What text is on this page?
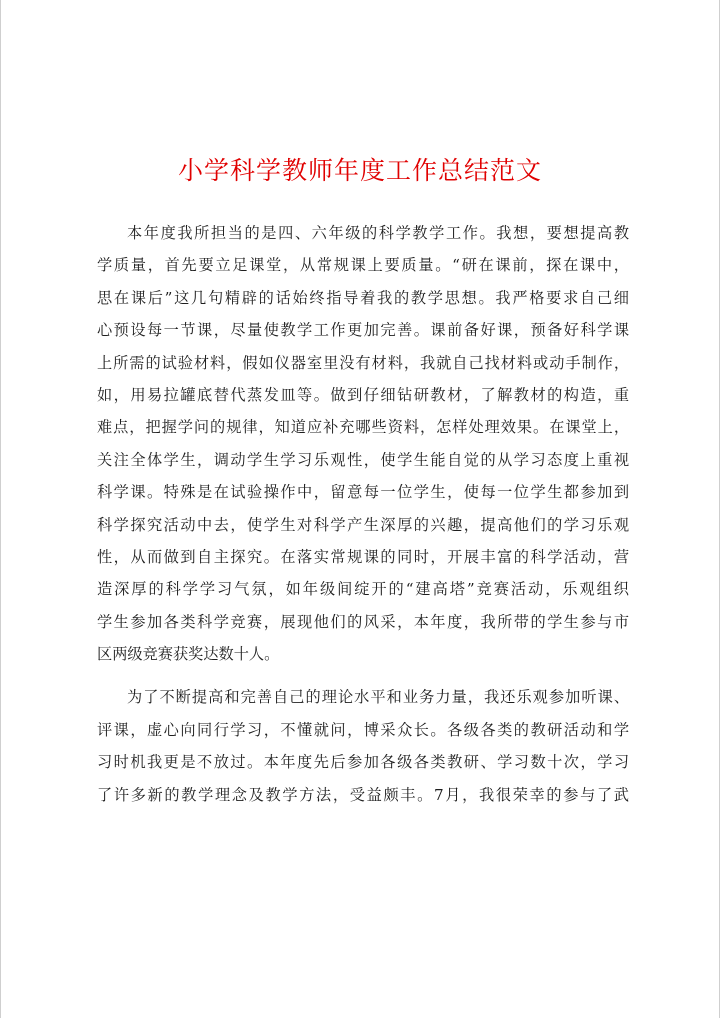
小学科学教师年度工作总结范文
本年度我所担当的是四、六年级的科学教学工作。我想，要想提高教
学质量，首先要立足课堂，从常规课上要质量。“研在课前，探在课中，
思在课后”这几句精辟的话始终指导着我的教学思想。我严格要求自己细
心预设每一节课，尽量使教学工作更加完善。课前备好课，预备好科学课
上所需的试验材料，假如仪器室里没有材料，我就自己找材料或动手制作，
如，用易拉罐底替代蒸发皿等。做到仔细钻研教材，了解教材的构造，重
难点，把握学问的规律，知道应补充哪些资料，怎样处理效果。在课堂上，
关注全体学生，调动学生学习乐观性，使学生能自觉的从学习态度上重视
科学课。特殊是在试验操作中，留意每一位学生，使每一位学生都参加到
科学探究活动中去，使学生对科学产生深厚的兴趣，提高他们的学习乐观
性，从而做到自主探究。在落实常规课的同时，开展丰富的科学活动，营
造深厚的科学学习气氛，如年级间绽开的“建高塔”竞赛活动，乐观组织
学生参加各类科学竞赛，展现他们的风采，本年度，我所带的学生参与市
区两级竞赛获奖达数十人。
为了不断提高和完善自己的理论水平和业务力量，我还乐观参加听课、
评课，虚心向同行学习，不懂就问，博采众长。各级各类的教研活动和学
习时机我更是不放过。本年度先后参加各级各类教研、学习数十次，学习
了许多新的教学理念及教学方法，受益颇丰。7月，我很荣幸的参与了武
